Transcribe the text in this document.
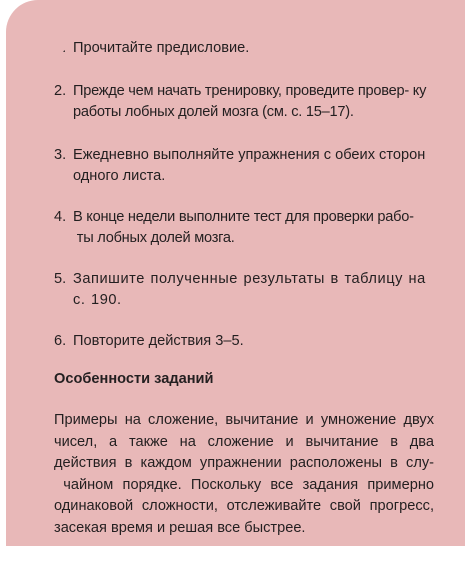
Прочитайте предисловие.
2. Прежде чем начать тренировку, проведите провер- ку работы лобных долей мозга (см. с. 15–17).
3. Ежедневно выполняйте упражнения с обеих сторон одного листа.
4. В конце недели выполните тест для проверки рабо- ты лобных долей мозга.
5. Запишите полученные результаты в таблицу на с. 190.
6. Повторите действия 3–5.
Особенности заданий
Примеры на сложение, вычитание и умножение двух чисел, а также на сложение и вычитание в два действия в каждом упражнении расположены в слу- чайном порядке. Поскольку все задания примерно одинаковой сложности, отслеживайте свой прогресс, засекая время и решая все быстрее.
